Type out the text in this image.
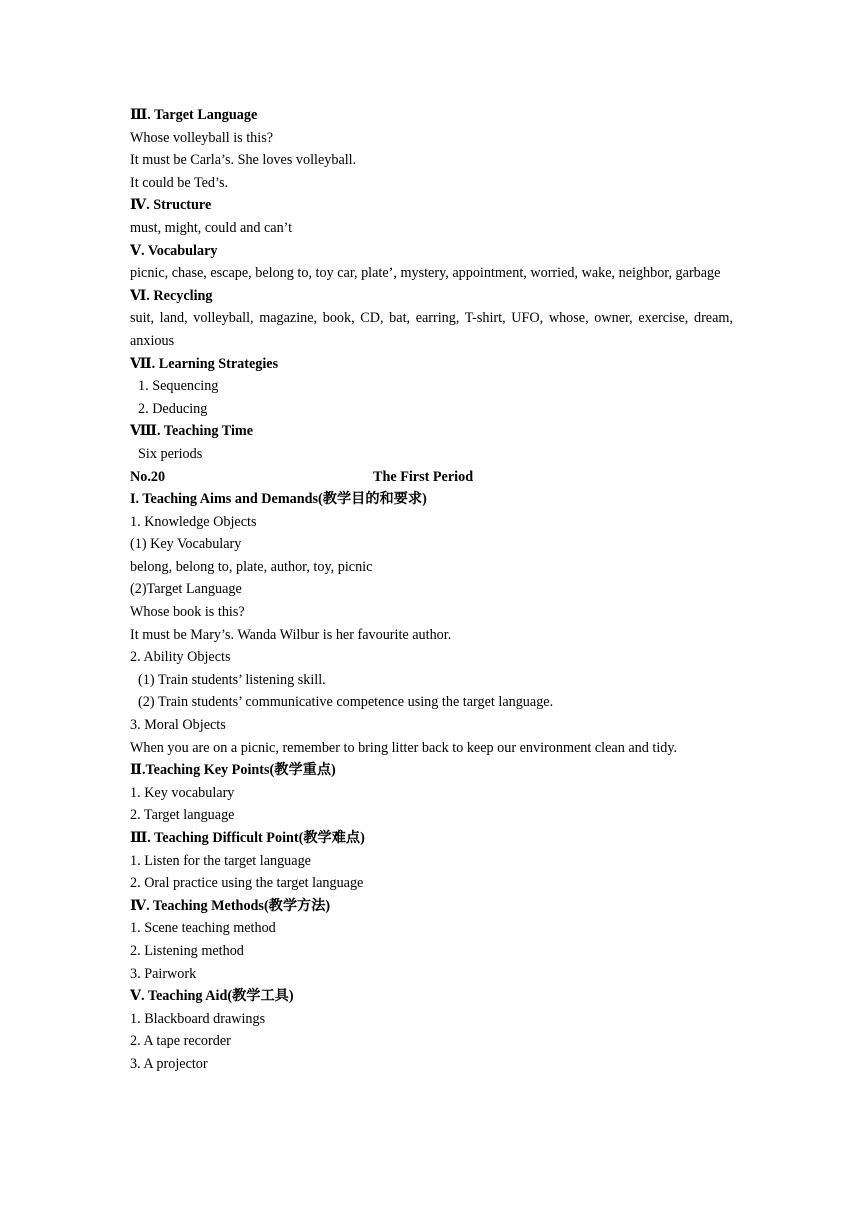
Ⅲ. Target Language
Whose volleyball is this?
It must be Carla’s. She loves volleyball.
It could be Ted’s.
Ⅳ. Structure
must, might, could and can’t
Ⅴ. Vocabulary
picnic, chase, escape, belong to, toy car, plate’, mystery, appointment, worried, wake, neighbor, garbage
Ⅵ. Recycling
suit, land, volleyball, magazine, book, CD, bat, earring, T-shirt, UFO, whose, owner, exercise, dream, anxious
Ⅶ. Learning Strategies
1. Sequencing
2. Deducing
Ⅷ. Teaching Time
Six periods
No.20	The First Period
I. Teaching Aims and Demands(教学目的和要求)
1. Knowledge Objects
(1) Key Vocabulary
belong, belong to, plate, author, toy, picnic
(2)Target Language
Whose book is this?
It must be Mary’s. Wanda Wilbur is her favourite author.
2. Ability Objects
(1) Train students’ listening skill.
(2) Train students’ communicative competence using the target language.
3. Moral Objects
When you are on a picnic, remember to bring litter back to keep our environment clean and tidy.
Ⅱ.Teaching Key Points(教学重点)
1. Key vocabulary
2. Target language
Ⅲ. Teaching Difficult Point(教学难点)
1. Listen for the target language
2. Oral practice using the target language
Ⅳ. Teaching Methods(教学方法)
1. Scene teaching method
2. Listening method
3. Pairwork
Ⅴ. Teaching Aid(教学工具)
1. Blackboard drawings
2. A tape recorder
3. A projector
